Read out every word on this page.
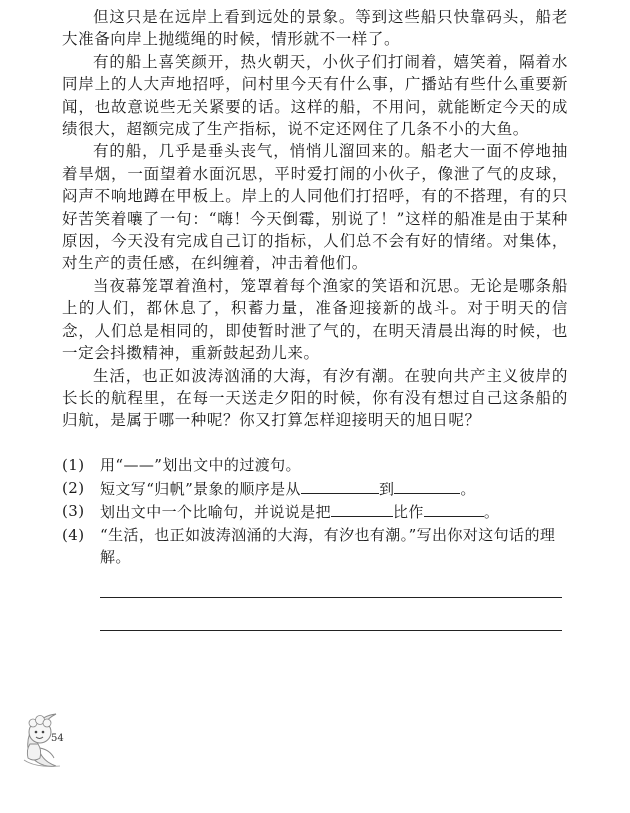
但这只是在远岸上看到远处的景象。等到这些船只快靠码头，船老大准备向岸上抛缆绳的时候，情形就不一样了。

有的船上喜笑颜开，热火朝天，小伙子们打闹着，嬉笑着，隔着水同岸上的人大声地招呼，问村里今天有什么事，广播站有些什么重要新闻，也故意说些无关紧要的话。这样的船，不用问，就能断定今天的成绩很大，超额完成了生产指标，说不定还网住了几条不小的大鱼。

有的船，几乎是垂头丧气，悄悄儿溜回来的。船老大一面不停地抽着旱烟，一面望着水面沉思，平时爱打闹的小伙子，像泄了气的皮球，闷声不响地蹲在甲板上。岸上的人同他们打招呼，有的不搭理，有的只好苦笑着嚷了一句：“嗨！今天倒霉，别说了！”这样的船准是由于某种原因，今天没有完成自己订的指标，人们总不会有好的情绪。对集体，对生产的责任感，在纠缠着，冲击着他们。

当夜幕笼罩着渔村，笼罩着每个渔家的笑语和沉思。无论是哪条船上的人们，都休息了，积蓄力量，准备迎接新的战斗。对于明天的信念，人们总是相同的，即使暂时泄了气的，在明天清晨出海的时候，也一定会抖擞精神，重新鼓起劲儿来。

生活，也正如波涛汹涌的大海，有汐有潮。在驶向共产主义彼岸的长长的航程里，在每一天送走夕阳的时候，你有没有想过自己这条船的归航，是属于哪一种呢？你又打算怎样迎接明天的旭日呢？

(1)	用“——”划出文中的过渡句。
(2)	短文写“归帆”景象的顺序是从	到	。
(3)	划出文中一个比喻句，并说说是把	比作	。
(4)	“生活，也正如波涛汹涌的大海，有汐也有潮。”写出你对这句话的理解。
54
